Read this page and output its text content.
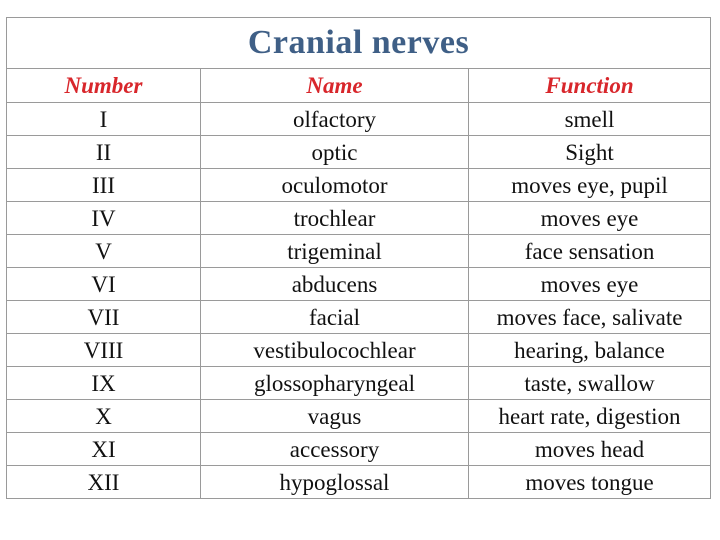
Cranial nerves		
Number	Name	Function
I	olfactory	smell
II	optic	Sight
III	oculomotor	moves eye, pupil
IV	trochlear	moves eye
V	trigeminal	face sensation
VI	abducens	moves eye
VII	facial	moves face, salivate
VIII	vestibulocochlear	hearing, balance
IX	glossopharyngeal	taste, swallow
X	vagus	heart rate, digestion
XI	accessory	moves head
XII	hypoglossal	moves tongue
